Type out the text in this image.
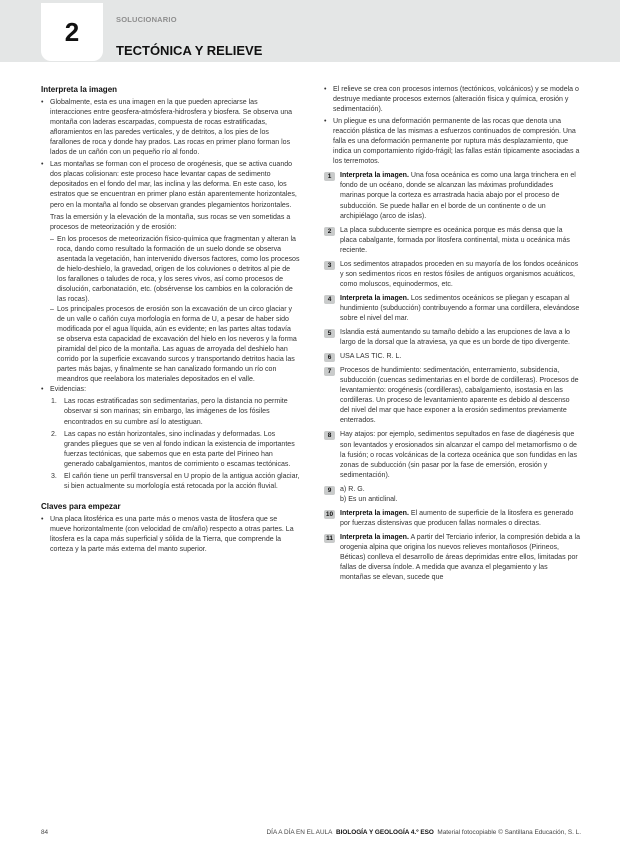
2	SOLUCIONARIO
TECTÓNICA Y RELIEVE
Interpreta la imagen

• Globalmente, esta es una imagen en la que pueden apreciarse las interacciones entre geosfera-atmósfera-hidrosfera y biosfera. Se observa una montaña con laderas escarpadas, compuesta de rocas estratificadas, afloramientos en las paredes verticales, y de detritos, a los pies de los farallones de roca y donde hay prados. Las rocas en primer plano forman los lados de un cañón con un pequeño río al fondo.

• Las montañas se forman con el proceso de orogénesis, que se activa cuando dos placas colisionan: este proceso hace levantar capas de sedimento depositados en el fondo del mar, las inclina y las deforma. En este caso, los estratos que se encuentran en primer plano están aparentemente horizontales, pero en la montaña al fondo se observan grandes plegamientos horizontales.

Tras la emersión y la elevación de la montaña, sus rocas se ven sometidas a procesos de meteorización y de erosión:

– En los procesos de meteorización físico-química que fragmentan y alteran la roca, dando como resultado la formación de un suelo donde se observa asentada la vegetación, han intervenido diversos factores, como los procesos de hielo-deshielo, la gravedad, origen de los coluviones o detritos al pie de los farallones o taludes de roca, y los seres vivos, así como procesos de disolución, carbonatación, etc. (obsérvense los cambios en la coloración de las rocas).

– Los principales procesos de erosión son la excavación de un circo glaciar y de un valle o cañón cuya morfología en forma de U, a pesar de haber sido modificada por el agua líquida, aún es evidente; en las partes altas todavía se observa esta capacidad de excavación del hielo en los neveros y la forma piramidal del pico de la montaña. Las aguas de arroyada del deshielo han corrido por la superficie excavando surcos y transportando detritos hacia las partes más bajas, y finalmente se han canalizado formando un río con meandros que reelabora los materiales depositados en el valle.

• Evidencias:

1. Las rocas estratificadas son sedimentarias, pero la distancia no permite observar si son marinas; sin embargo, las imágenes de los fósiles encontrados en su cumbre así lo atestiguan.

2. Las capas no están horizontales, sino inclinadas y deformadas. Los grandes pliegues que se ven al fondo indican la existencia de importantes fuerzas tectónicas, que sabemos que en esta parte del Pirineo han generado cabalgamientos, mantos de corrimiento o escamas tectónicas.

3. El cañón tiene un perfil transversal en U propio de la antigua acción glaciar, si bien actualmente su morfología está retocada por la acción fluvial.

Claves para empezar

• Una placa litosférica es una parte más o menos vasta de litosfera que se mueve horizontalmente (con velocidad de cm/año) respecto a otras partes. La litosfera es la capa más superficial y sólida de la Tierra, que comprende la corteza y la parte más externa del manto superior.

• El relieve se crea con procesos internos (tectónicos, volcánicos) y se modela o destruye mediante procesos externos (alteración física y química, erosión y sedimentación).

• Un pliegue es una deformación permanente de las rocas que denota una reacción plástica de las mismas a esfuerzos continuados de compresión. Una falla es una deformación permanente por ruptura más desplazamiento, que indica un comportamiento rígido-frágil; las fallas están típicamente asociadas a los terremotos.

1	Interpreta la imagen. Una fosa oceánica es como una larga trinchera en el fondo de un océano, donde se alcanzan las máximas profundidades marinas porque la corteza es arrastrada hacia abajo por el proceso de subducción. Se puede hallar en el borde de un continente o de un archipiélago (arco de islas).

2	La placa subducente siempre es oceánica porque es más densa que la placa cabalgante, formada por litosfera continental, mixta u oceánica más reciente.

3	Los sedimentos atrapados proceden en su mayoría de los fondos oceánicos y son sedimentos ricos en restos fósiles de antiguos organismos acuáticos, como moluscos, equinodermos, etc.

4	Interpreta la imagen. Los sedimentos oceánicos se pliegan y escapan al hundimiento (subducción) contribuyendo a formar una cordillera, elevándose sobre el nivel del mar.

5	Islandia está aumentando su tamaño debido a las erupciones de lava a lo largo de la dorsal que la atraviesa, ya que es un borde de tipo divergente.

6	USA LAS TIC. R. L.

7	Procesos de hundimiento: sedimentación, enterramiento, subsidencia, subducción (cuencas sedimentarias en el borde de cordilleras). Procesos de levantamiento: orogénesis (cordilleras), cabalgamiento, isostasia en las cordilleras. Un proceso de levantamiento aparente es debido al descenso del nivel del mar que hace exponer a la erosión sedimentos previamente enterrados.

8	Hay atajos: por ejemplo, sedimentos sepultados en fase de diagénesis que son levantados y erosionados sin alcanzar el campo del metamorfismo o de la fusión; o rocas volcánicas de la corteza oceánica que son fundidas en las zonas de subducción (sin pasar por la fase de emersión, erosión y sedimentación).

9	a) R. G.
b) Es un anticlinal.

10 Interpreta la imagen. El aumento de superficie de la litosfera es generado por fuerzas distensivas que producen fallas normales o directas.

11 Interpreta la imagen. A partir del Terciario inferior, la compresión debida a la orogenia alpina que origina los nuevos relieves montañosos (Pirineos, Béticas) conlleva el desarrollo de áreas deprimidas entre ellos, limitadas por fallas de diversa índole. A medida que avanza el plegamiento y las montañas se elevan, sucede que

84	DÍA A DÍA EN EL AULA BIOLOGÍA Y GEOLOGÍA 4.º ESO Material fotocopiable © Santillana Educación, S. L.
